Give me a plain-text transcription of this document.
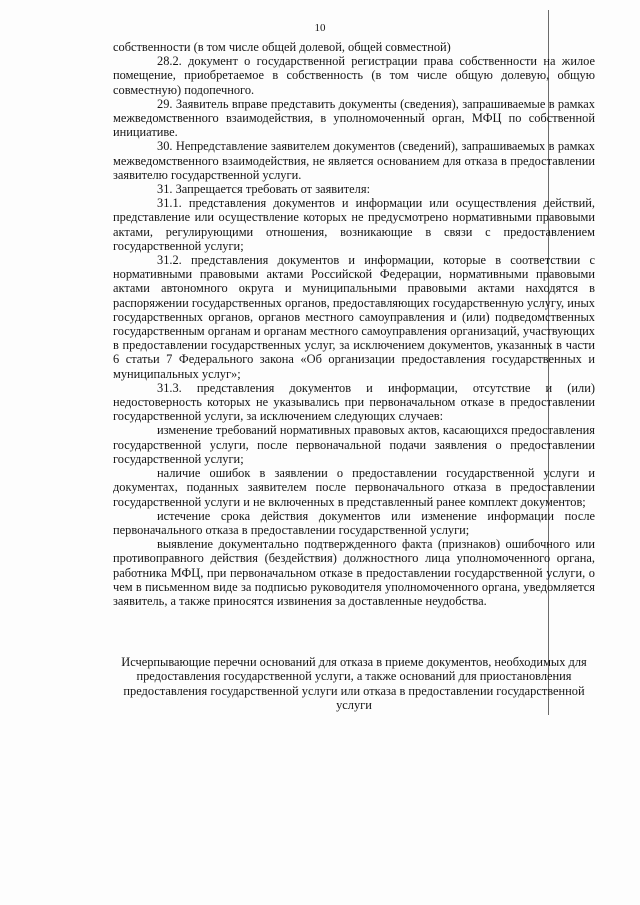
10

собственности (в том числе общей долевой, общей совместной)

28.2. документ о государственной регистрации права собственности на жилое помещение, приобретаемое в собственность (в том числе общую долевую, общую совместную) подопечного.

29. Заявитель вправе представить документы (сведения), запрашиваемые в рамках межведомственного взаимодействия, в уполномоченный орган, МФЦ по собственной инициативе.

30. Непредставление заявителем документов (сведений), запрашиваемых в рамках межведомственного взаимодействия, не является основанием для отказа в предоставлении заявителю государственной услуги.

31. Запрещается требовать от заявителя:

31.1. представления документов и информации или осуществления действий, представление или осуществление которых не предусмотрено нормативными правовыми актами, регулирующими отношения, возникающие в связи с предоставлением государственной услуги;

31.2. представления документов и информации, которые в соответствии с нормативными правовыми актами Российской Федерации, нормативными правовыми актами автономного округа и муниципальными правовыми актами находятся в распоряжении государственных органов, предоставляющих государственную услугу, иных государственных органов, органов местного самоуправления и (или) подведомственных государственным органам и органам местного самоуправления организаций, участвующих в предоставлении государственных услуг, за исключением документов, указанных в части 6 статьи 7 Федерального закона «Об организации предоставления государственных и муниципальных услуг»;

31.3. представления документов и информации, отсутствие и (или) недостоверность которых не указывались при первоначальном отказе в предоставлении государственной услуги, за исключением следующих случаев:

изменение требований нормативных правовых актов, касающихся предоставления государственной услуги, после первоначальной подачи заявления о предоставлении государственной услуги;

наличие ошибок в заявлении о предоставлении государственной услуги и документах, поданных заявителем после первоначального отказа в предоставлении государственной услуги и не включенных в представленный ранее комплект документов;

истечение срока действия документов или изменение информации после первоначального отказа в предоставлении государственной услуги;

выявление документально подтвержденного факта (признаков) ошибочного или противоправного действия (бездействия) должностного лица уполномоченного органа, работника МФЦ, при первоначальном отказе в предоставлении государственной услуги, о чем в письменном виде за подписью руководителя уполномоченного органа, уведомляется заявитель, а также приносятся извинения за доставленные неудобства.

Исчерпывающие перечни оснований для отказа в приеме документов, необходимых для предоставления государственной услуги, а также оснований для приостановления предоставления государственной услуги или отказа в предоставлении государственной услуги
